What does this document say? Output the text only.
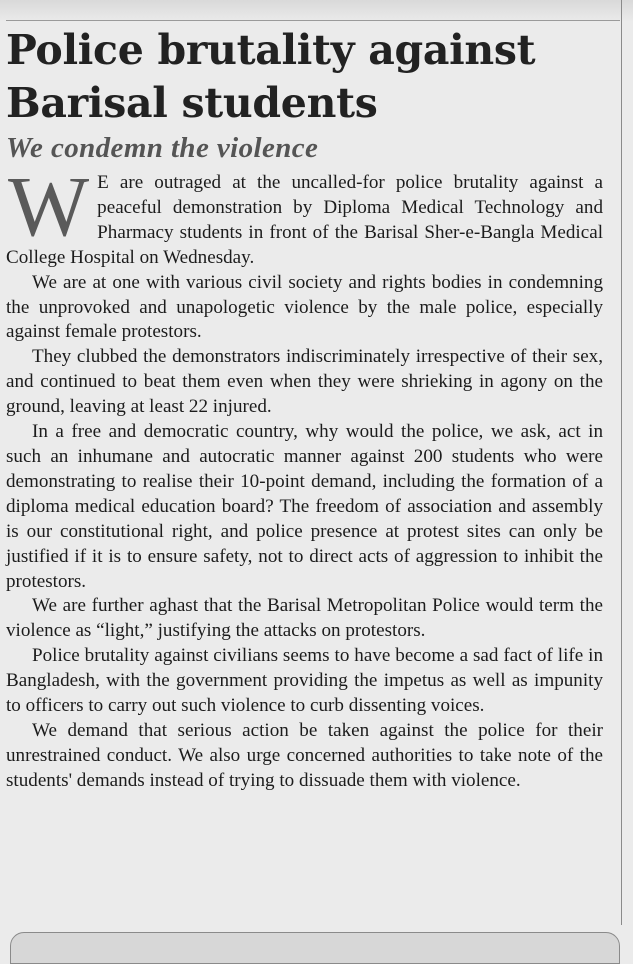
Police brutality against
Barisal students
We condemn the violence

W E are outraged at the uncalled-for police brutality against a peaceful demonstration by Diploma Medical Technology and Pharmacy students in front of the Barisal Sher-e-Bangla Medical College Hospital on Wednesday.

We are at one with various civil society and rights bodies in condemning the unprovoked and unapologetic violence by the male police, especially against female protestors.

They clubbed the demonstrators indiscriminately irrespective of their sex, and continued to beat them even when they were shrieking in agony on the ground, leaving at least 22 injured.

In a free and democratic country, why would the police, we ask, act in such an inhumane and autocratic manner against 200 students who were demonstrating to realise their 10-point demand, including the formation of a diploma medical education board? The freedom of association and assembly is our constitutional right, and police presence at protest sites can only be justified if it is to ensure safety, not to direct acts of aggression to inhibit the protestors.

We are further aghast that the Barisal Metropolitan Police would term the violence as “light,” justifying the attacks on protestors.

Police brutality against civilians seems to have become a sad fact of life in Bangladesh, with the government providing the impetus as well as impunity to officers to carry out such violence to curb dissenting voices.

We demand that serious action be taken against the police for their unrestrained conduct. We also urge concerned authorities to take note of the students' demands instead of trying to dissuade them with violence.
